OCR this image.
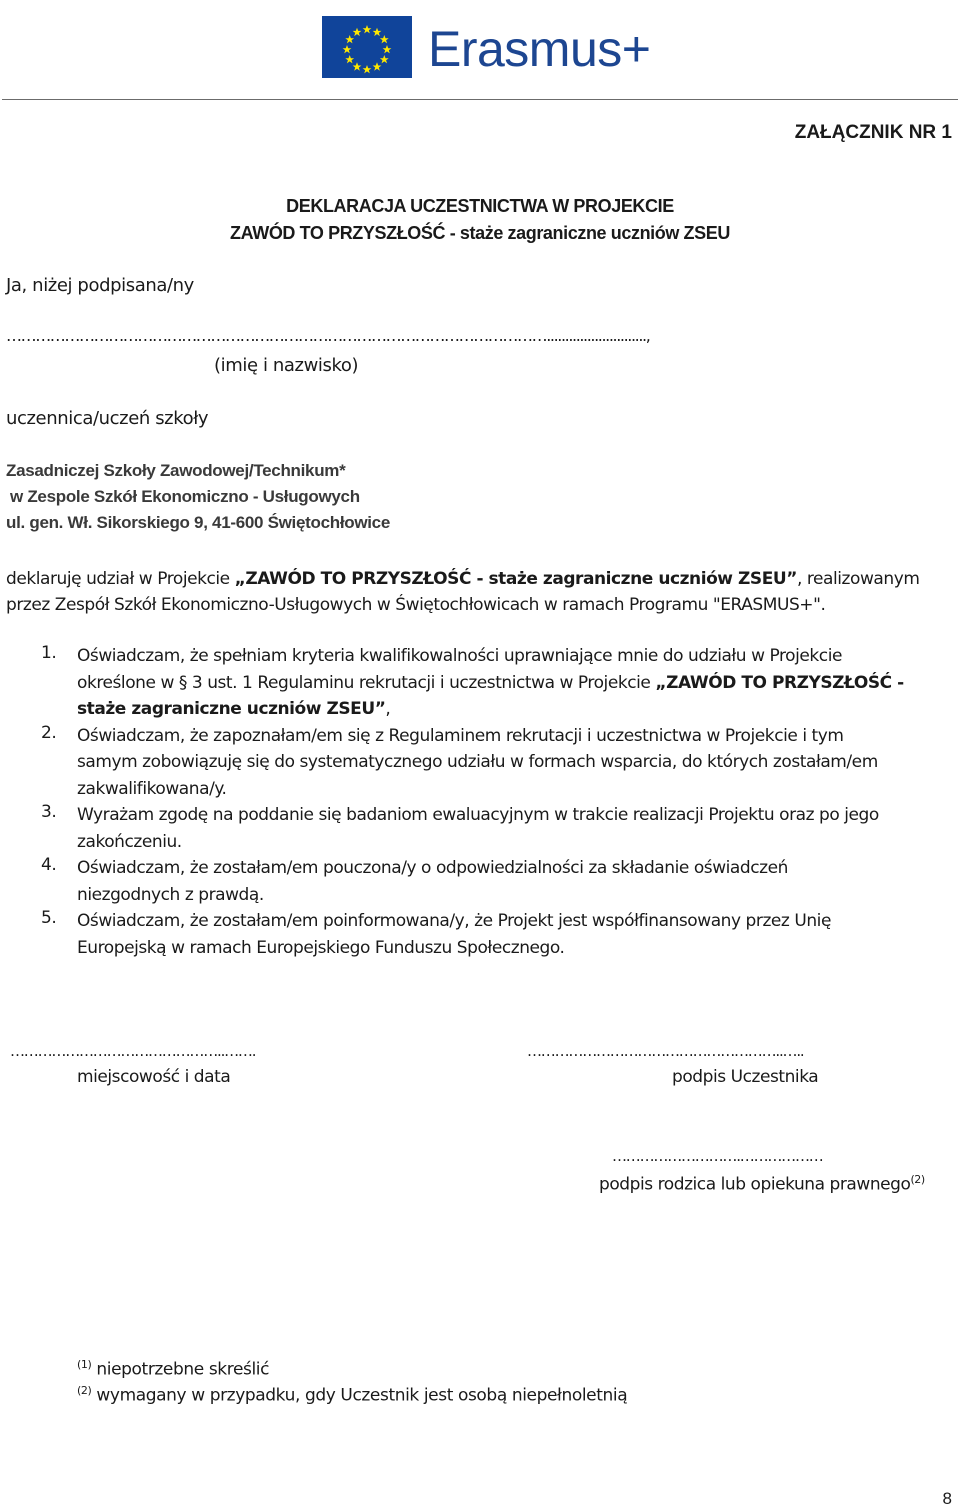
Erasmus+
ZAŁĄCZNIK NR 1
DEKLARACJA UCZESTNICTWA W PROJEKCIE
ZAWÓD TO PRZYSZŁOŚĆ - staże zagraniczne uczniów ZSEU
Ja, niżej podpisana/ny
…………………………………………………………………………………………………...........................,
(imię i nazwisko)
uczennica/uczeń szkoły
Zasadniczej Szkoły Zawodowej/Technikum*
w Zespole Szkół Ekonomiczno - Usługowych
ul. gen. Wł. Sikorskiego 9, 41-600 Świętochłowice
deklaruję udział w Projekcie „ZAWÓD TO PRZYSZŁOŚĆ - staże zagraniczne uczniów ZSEU”, realizowanym
przez Zespół Szkół Ekonomiczno-Usługowych w Świętochłowicach w ramach Programu "ERASMUS+".
1. Oświadczam, że spełniam kryteria kwalifikowalności uprawniające mnie do udziału w Projekcie
określone w § 3 ust. 1 Regulaminu rekrutacji i uczestnictwa w Projekcie „ZAWÓD TO PRZYSZŁOŚĆ -
staże zagraniczne uczniów ZSEU”,
2. Oświadczam, że zapoznałam/em się z Regulaminem rekrutacji i uczestnictwa w Projekcie i tym
samym zobowiązuję się do systematycznego udziału w formach wsparcia, do których zostałam/em
zakwalifikowana/y.
3. Wyrażam zgodę na poddanie się badaniom ewaluacyjnym w trakcie realizacji Projektu oraz po jego
zakończeniu.
4. Oświadczam, że zostałam/em pouczona/y o odpowiedzialności za składanie oświadczeń
niezgodnych z prawdą.
5. Oświadczam, że zostałam/em poinformowana/y, że Projekt jest współfinansowany przez Unię
Europejską w ramach Europejskiego Funduszu Społecznego.
………………………………………..…….	………………………………………………..…..
miejscowość i data	podpis Uczestnika
……………………….………………
podpis rodzica lub opiekuna prawnego$^{(2)}$
$^{(1)}$ niepotrzebne skreślić
$^{(2)}$ wymagany w przypadku, gdy Uczestnik jest osobą niepełnoletnią
8
